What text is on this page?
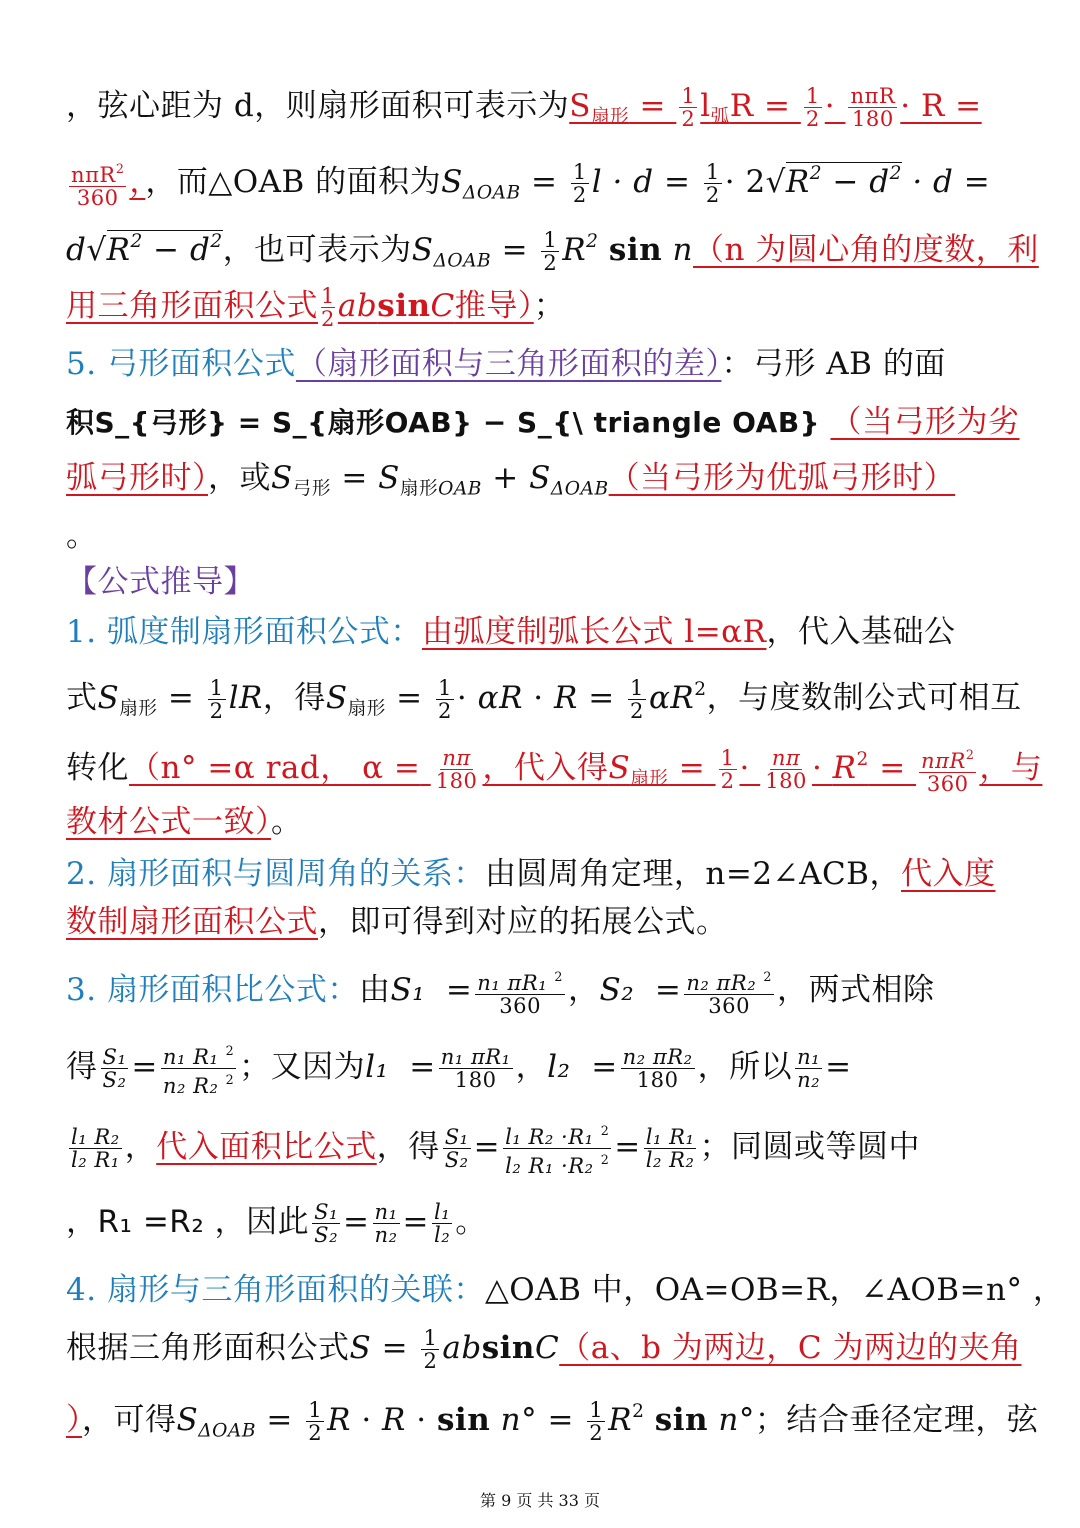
，弦心距为 d，则扇形面积可表示为$S_{扇形} = \frac{1}{2} l_弧R = \frac{1}{2} \cdot \frac{\text{nπR}}{180} \cdot R$ =
$\frac{n\pi R^2}{360}$ ，，而△OAB 的面积为$S_{\Delta OAB} = \frac{1}{2}$ $l \cdot d = \frac{1}{2} \cdot 2√R^2 - d^2 \cdot d$ =
$d√R^2 - d^2$，也可表示为$S_{\Delta OAB} = \frac{1}{2} R^2$ sin n（n 为圆心角的度数，利
用三角形面积公式 1
2 absinC推导）；
5. 弓形面积公式（扇形面积与三角形面积的差）：弓形 AB 的面
积S_{弓形} = S_{扇形OAB} − S_{\ triangle OAB} （当弓形为劣
弧弓形时），或$S_{弓形} = S_{扇形OAB} + S_{\Delta OAB}$（当弓形为优弧弓形时）
。
【公式推导】
1. 弧度制扇形面积公式：由弧度制弧长公式 l=αR，代入基础公
式$S_{扇形} = \frac{1}{2}$ lR，得$S_{扇形} = \frac{1}{2} \cdot \alpha R \cdot R = \frac{1}{2} \alpha R^2$，与度数制公式可相互
转化（n° =α rad， $\alpha = \frac{n\pi}{180}$ ，代入得$S_{扇形} = \frac{1}{2} \cdot \frac{n\pi}{180} \cdot R^2 = \frac{n\pi R^2}{360}$ ，与
教材公式一致）。
2. 扇形面积与圆周角的关系：由圆周角定理，n=2∠ACB，代入度
数制扇形面积公式，即可得到对应的拓展公式。
3. 扇形面积比公式：由$S_1 = \frac{n_1 \pi R_1 ^2}{360}$ ，$S_2 = \frac{n_2 \pi R_2 ^2}{360}$ ，两式相除
得 $\frac{\text{S₁}}{\text{S₂}} = \frac{n_1 R_1 ^2}{n_2 R_2 ^2}$ ；又因为$l_1 = \frac{\text{n₁ πR₁}}{180}$ ，$l_2 = \frac{\text{n₂ πR₂}}{180}$ ，所以 $\frac{\text{n₁}}{\text{n₂}}$ =
$\frac{\text{l₁ R₂}}{\text{l₂ R₁}}$ ，代入面积比公式，得 $\frac{\text{S₁}}{\text{S₂}} = \frac{l_1 R_2 \cdot R_1 ^2}{l_2 R_1 \cdot R_2 ^2} = \frac{\text{l₁ R₁}}{\text{l₂ R₂}}$ ；同圆或等圆中
，R₁ =R₂ ，因此 $\frac{\text{S₁}}{\text{S₂}} = \frac{\text{n₁}}{\text{n₂}} = \frac{\text{l₁}}{\text{l₂}}$ 。
4. 扇形与三角形面积的关联：△OAB 中，OA=OB=R，∠AOB=n° ，
根据三角形面积公式$S = \frac{1}{2} absinC(a$、b 为两边，C 为两边的夹角
），可得$S_{\Delta OAB} = \frac{1}{2}$ $R \cdot R \cdot \sin n^\circ = \frac{1}{2} R^2$ sin n°；结合垂径定理，弦
第 9 页 共 33 页
